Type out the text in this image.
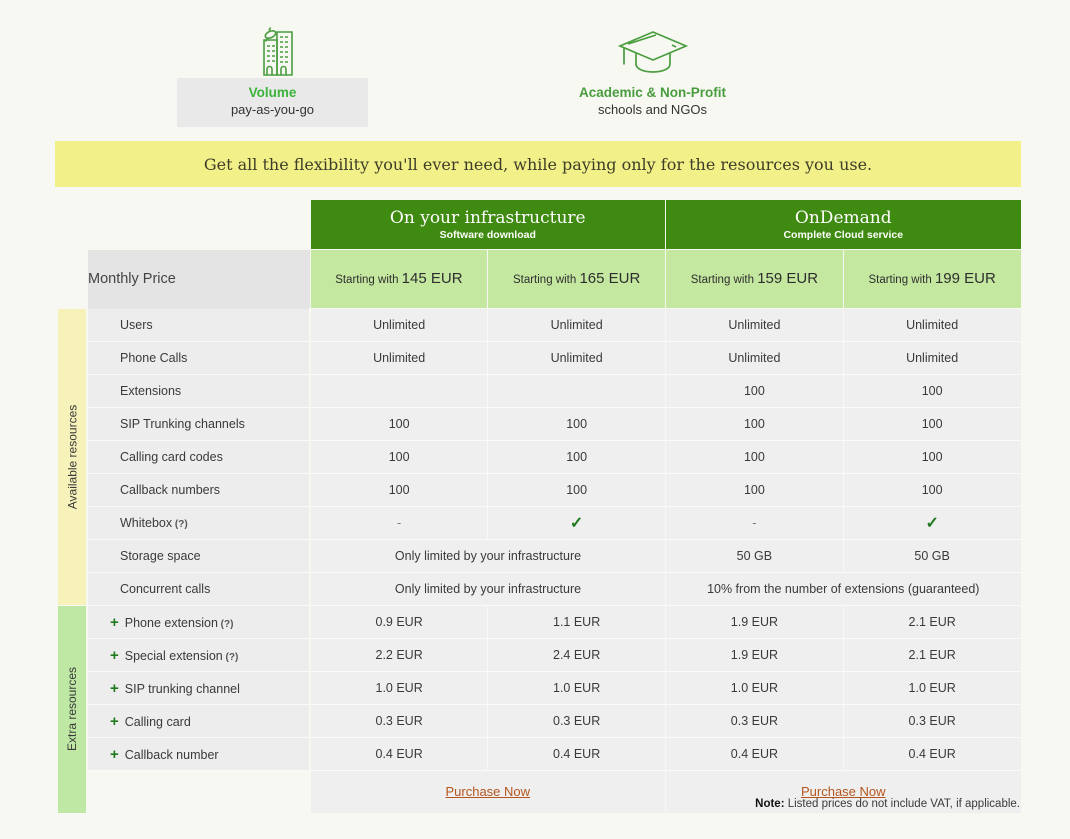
Volume
pay-as-you-go
Academic & Non-Profit
schools and NGOs
Get all the flexibility you'll ever need, while paying only for the resources you use.

On your infrastructure
Software download

OnDemand
Complete Cloud service

	Monthly Price	Starting with 145 EUR	Starting with 165 EUR	Starting with 159 EUR	Starting with 199 EUR

Available resources	Users	Unlimited	Unlimited	Unlimited	Unlimited
	Phone Calls	Unlimited	Unlimited	Unlimited	Unlimited
	Extensions			100	100
	SIP Trunking channels	100	100	100	100
	Calling card codes	100	100	100	100
	Callback numbers	100	100	100	100
	Whitebox (?)	-	✓	-	✓
	Storage space	Only limited by your infrastructure		50 GB	50 GB
	Concurrent calls	Only limited by your infrastructure		10% from the number of extensions (guaranteed)	

Extra resources	+ Phone extension (?)	0.9 EUR	1.1 EUR	1.9 EUR	2.1 EUR
	+ Special extension (?)	2.2 EUR	2.4 EUR	1.9 EUR	2.1 EUR
	+ SIP trunking channel	1.0 EUR	1.0 EUR	1.0 EUR	1.0 EUR
	+ Calling card	0.3 EUR	0.3 EUR	0.3 EUR	0.3 EUR
	+ Callback number	0.4 EUR	0.4 EUR	0.4 EUR	0.4 EUR
		Purchase Now		Purchase Now	
Note: Listed prices do not include VAT, if applicable.
